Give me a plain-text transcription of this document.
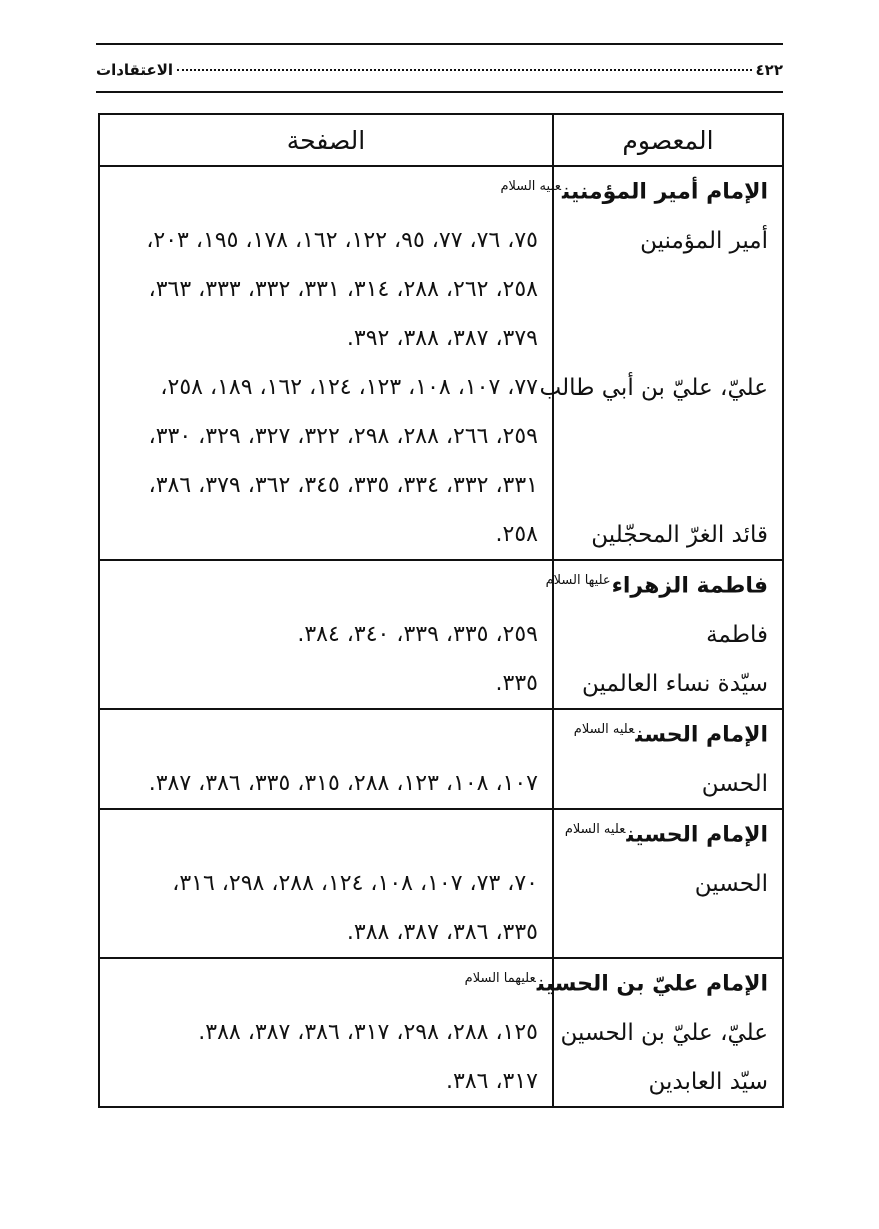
٤٢٢
الاعتقادات
المعصوم	الصفحة
الإمام أمير المؤمنين$^{عليه السلام}$	
أمير المؤمنين	٧٥، ٧٦، ٧٧، ٩٥، ١٢٢، ١٦٢، ١٧٨، ١٩٥، ٢٠٣،
	٢٥٨، ٢٦٢، ٢٨٨، ٣١٤، ٣٣١، ٣٣٢، ٣٣٣، ٣٦٣،
	٣٧٩، ٣٨٧، ٣٨٨، ٣٩٢.
عليّ، عليّ بن أبي طالب	٧٧، ١٠٧، ١٠٨، ١٢٣، ١٢٤، ١٦٢، ١٨٩، ٢٥٨،
	٢٥٩، ٢٦٦، ٢٨٨، ٢٩٨، ٣٢٢، ٣٢٧، ٣٢٩، ٣٣٠،
	٣٣١، ٣٣٢، ٣٣٤، ٣٣٥، ٣٤٥، ٣٦٢، ٣٧٩، ٣٨٦،
قائد الغرّ المحجّلين	٢٥٨.
فاطمة الزهراء$^{عليها السلام}$	
فاطمة	٢٥٩، ٣٣٥، ٣٣٩، ٣٤٠، ٣٨٤.
سيّدة نساء العالمين	٣٣٥.
الإمام الحسن$^{عليه السلام}$	
الحسن	١٠٧، ١٠٨، ١٢٣، ٢٨٨، ٣١٥، ٣٣٥، ٣٨٦، ٣٨٧.
الإمام الحسين$^{عليه السلام}$	
الحسين	٧٠، ٧٣، ١٠٧، ١٠٨، ١٢٤، ٢٨٨، ٢٩٨، ٣١٦،
	٣٣٥، ٣٨٦، ٣٨٧، ٣٨٨.
الإمام عليّ بن الحسين$^{عليهما السلام}$	
عليّ، عليّ بن الحسين	١٢٥، ٢٨٨، ٢٩٨، ٣١٧، ٣٨٦، ٣٨٧، ٣٨٨.
سيّد العابدين	٣١٧، ٣٨٦.
